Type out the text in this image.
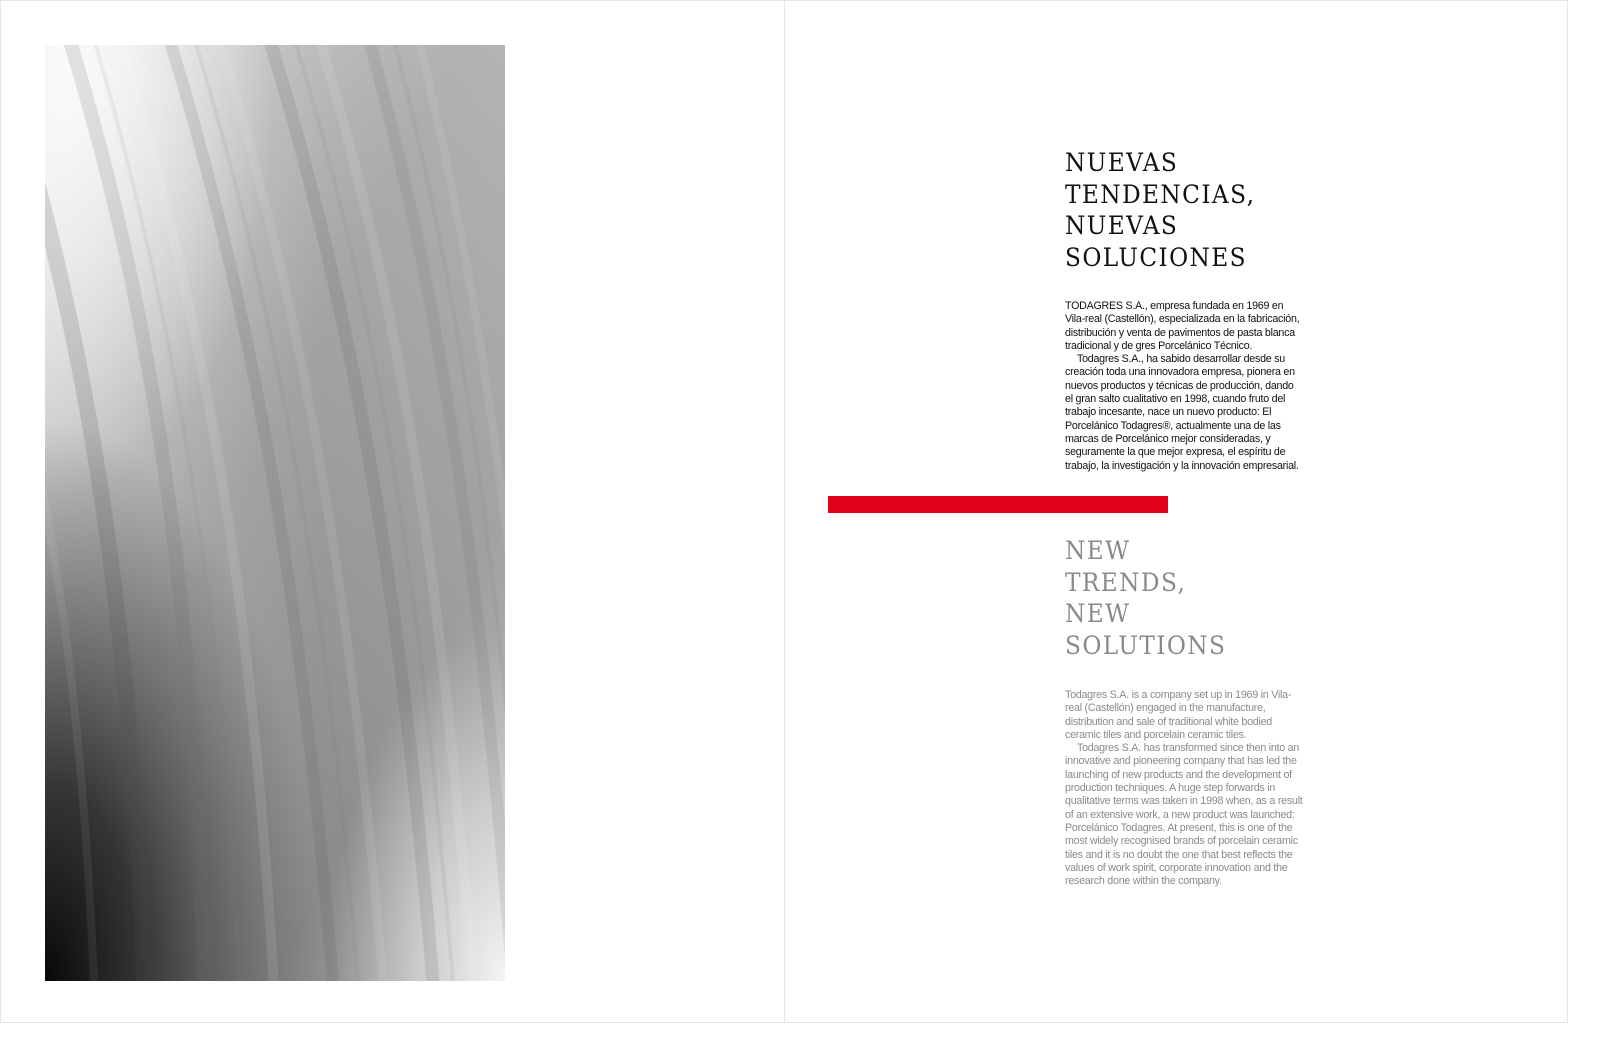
NUEVAS
TENDENCIAS,
NUEVAS
SOLUCIONES

TODAGRES S.A., empresa fundada en 1969 en Vila-real (Castellón), especializada en la fabricación, distribución y venta de pavimentos de pasta blanca tradicional y de gres Porcelánico Técnico.

Todagres S.A., ha sabido desarrollar desde su creación toda una innovadora empresa, pionera en nuevos productos y técnicas de producción, dando el gran salto cualitativo en 1998, cuando fruto del trabajo incesante, nace un nuevo producto: El Porcelánico Todagres®, actualmente una de las marcas de Porcelánico mejor consideradas, y seguramente la que mejor expresa, el espíritu de trabajo, la investigación y la innovación empresarial.

NEW
TRENDS,
NEW
SOLUTIONS

Todagres S.A. is a company set up in 1969 in Vila-real (Castellón) engaged in the manufacture, distribution and sale of traditional white bodied ceramic tiles and porcelain ceramic tiles.

Todagres S.A. has transformed since then into an innovative and pioneering company that has led the launching of new products and the development of production techniques. A huge step forwards in qualitative terms was taken in 1998 when, as a result of an extensive work, a new product was launched: Porcelánico Todagres. At present, this is one of the most widely recognised brands of porcelain ceramic tiles and it is no doubt the one that best reflects the values of work spirit, corporate innovation and the research done within the company.
